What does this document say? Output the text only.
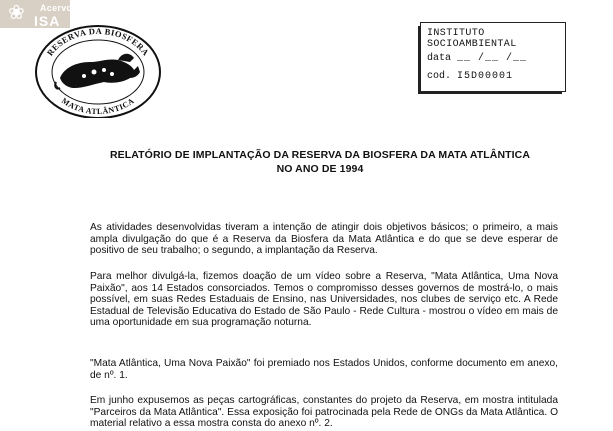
❀ Acervo
ISA
RESERVA DA BIOSFERA
MATA ATLÂNTICA
INSTITUTO SOCIOAMBIENTAL
data __ /__ /__
cod. I5D00001
RELATÓRIO DE IMPLANTAÇÃO DA RESERVA DA BIOSFERA DA MATA ATLÂNTICA
NO ANO DE 1994

As atividades desenvolvidas tiveram a intenção de atingir dois objetivos básicos; o primeiro, a mais ampla divulgação do que é a Reserva da Biosfera da Mata Atlântica e do que se deve esperar de positivo de seu trabalho; o segundo, a implantação da Reserva.

Para melhor divulgá-la, fizemos doação de um vídeo sobre a Reserva, "Mata Atlântica, Uma Nova Paixão", aos 14 Estados consorciados. Temos o compromisso desses governos de mostrá-lo, o mais possível, em suas Redes Estaduais de Ensino, nas Universidades, nos clubes de serviço etc. A Rede Estadual de Televisão Educativa do Estado de São Paulo - Rede Cultura - mostrou o vídeo em mais de uma oportunidade em sua programação noturna.

"Mata Atlântica, Uma Nova Paixão" foi premiado nos Estados Unidos, conforme documento em anexo, de nº. 1.

Em junho expusemos as peças cartográficas, constantes do projeto da Reserva, em mostra intitulada "Parceiros da Mata Atlântica". Essa exposição foi patrocinada pela Rede de ONGs da Mata Atlântica. O material relativo a essa mostra consta do anexo nº. 2.
